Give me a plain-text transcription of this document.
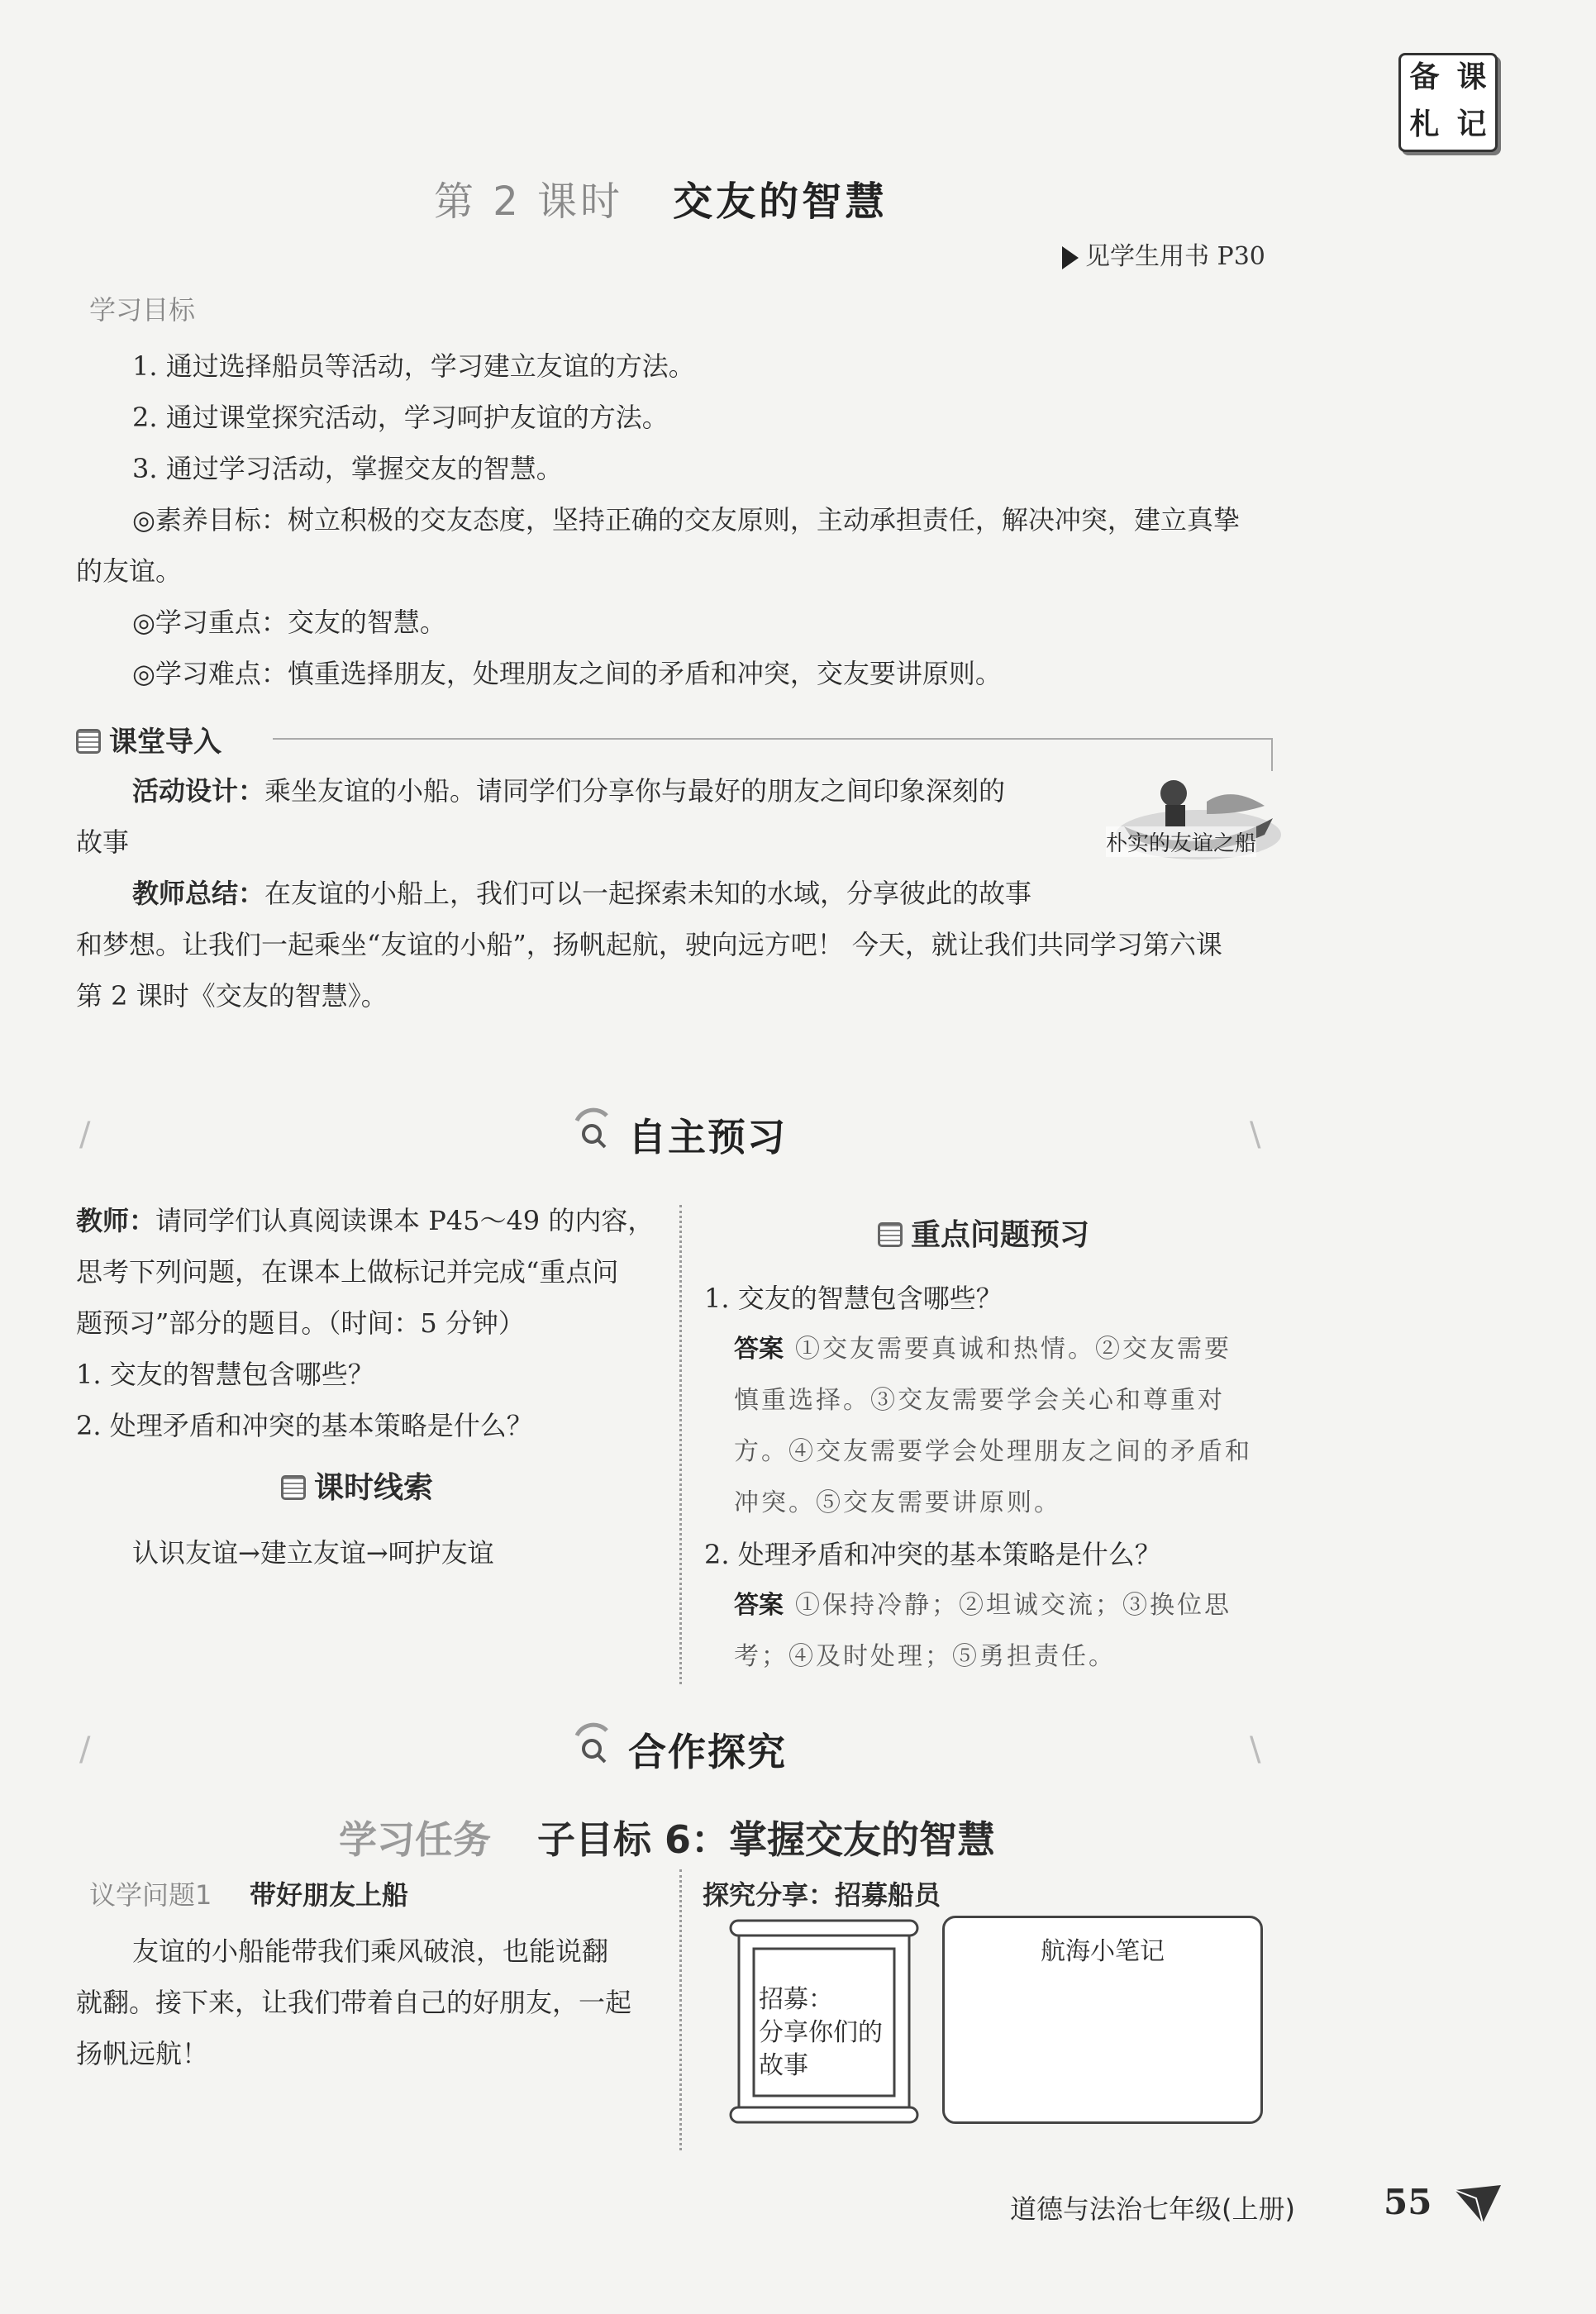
备 课
札 记
第 2 课时 交友的智慧
见学生用书 P30
学习目标
1. 通过选择船员等活动，学习建立友谊的方法。
2. 通过课堂探究活动，学习呵护友谊的方法。
3. 通过学习活动，掌握交友的智慧。
◎素养目标：树立积极的交友态度，坚持正确的交友原则，主动承担责任，解决冲突，建立真挚
的友谊。
◎学习重点：交友的智慧。
◎学习难点：慎重选择朋友，处理朋友之间的矛盾和冲突，交友要讲原则。
课堂导入
朴实的友谊之船
活动设计：乘坐友谊的小船。请同学们分享你与最好的朋友之间印象深刻的
故事
教师总结：在友谊的小船上，我们可以一起探索未知的水域，分享彼此的故事
和梦想。让我们一起乘坐“友谊的小船”，扬帆起航，驶向远方吧！ 今天，就让我们共同学习第六课
第 2 课时《交友的智慧》。
/	\
自主预习
教师：请同学们认真阅读课本 P45～49 的内容，
思考下列问题，在课本上做标记并完成“重点问
题预习”部分的题目。（时间：5 分钟）
1. 交友的智慧包含哪些？
2. 处理矛盾和冲突的基本策略是什么？
课时线索
认识友谊→建立友谊→呵护友谊
重点问题预习
1. 交友的智慧包含哪些？
答案 ①交友需要真诚和热情。②交友需要
慎重选择。③交友需要学会关心和尊重对
方。④交友需要学会处理朋友之间的矛盾和
冲突。⑤交友需要讲原则。
2. 处理矛盾和冲突的基本策略是什么？
答案 ①保持冷静；②坦诚交流；③换位思
考；④及时处理；⑤勇担责任。
/	\
合作探究
学习任务 子目标 6：掌握交友的智慧
议学问题1 带好朋友上船
友谊的小船能带我们乘风破浪，也能说翻
就翻。接下来，让我们带着自己的好朋友，一起
扬帆远航！
探究分享：招募船员
招募：
分享你们的
故事
航海小笔记
道德与法治七年级(上册)	55
